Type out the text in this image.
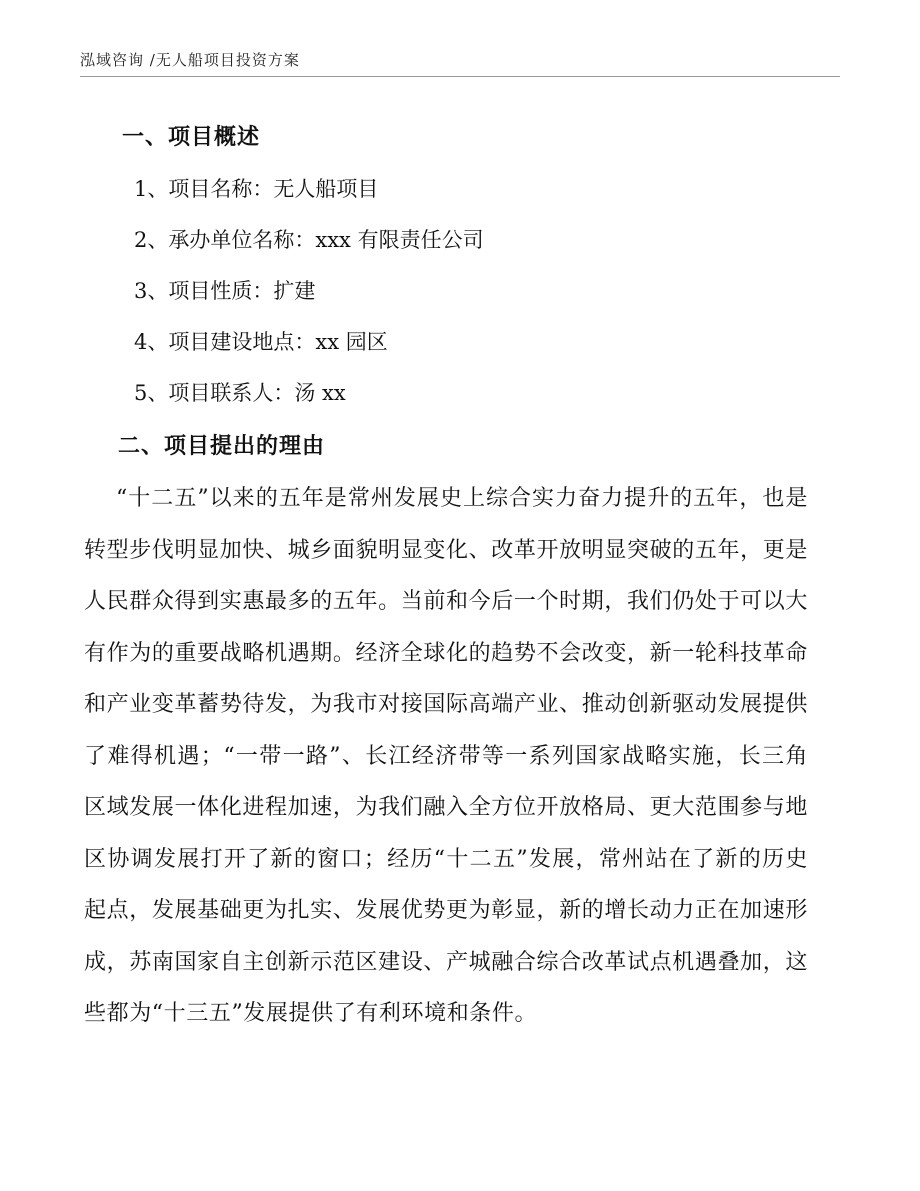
泓域咨询 /无人船项目投资方案
一、项目概述

1、项目名称：无人船项目

2、承办单位名称：xxx 有限责任公司

3、项目性质：扩建

4、项目建设地点：xx 园区

5、项目联系人：汤 xx

二、项目提出的理由

“十二五”以来的五年是常州发展史上综合实力奋力提升的五年，也是转型步伐明显加快、城乡面貌明显变化、改革开放明显突破的五年，更是人民群众得到实惠最多的五年。当前和今后一个时期，我们仍处于可以大有作为的重要战略机遇期。经济全球化的趋势不会改变，新一轮科技革命和产业变革蓄势待发，为我市对接国际高端产业、推动创新驱动发展提供了难得机遇；“一带一路”、长江经济带等一系列国家战略实施，长三角区域发展一体化进程加速，为我们融入全方位开放格局、更大范围参与地区协调发展打开了新的窗口；经历“十二五”发展，常州站在了新的历史起点，发展基础更为扎实、发展优势更为彰显，新的增长动力正在加速形成，苏南国家自主创新示范区建设、产城融合综合改革试点机遇叠加，这些都为“十三五”发展提供了有利环境和条件。
